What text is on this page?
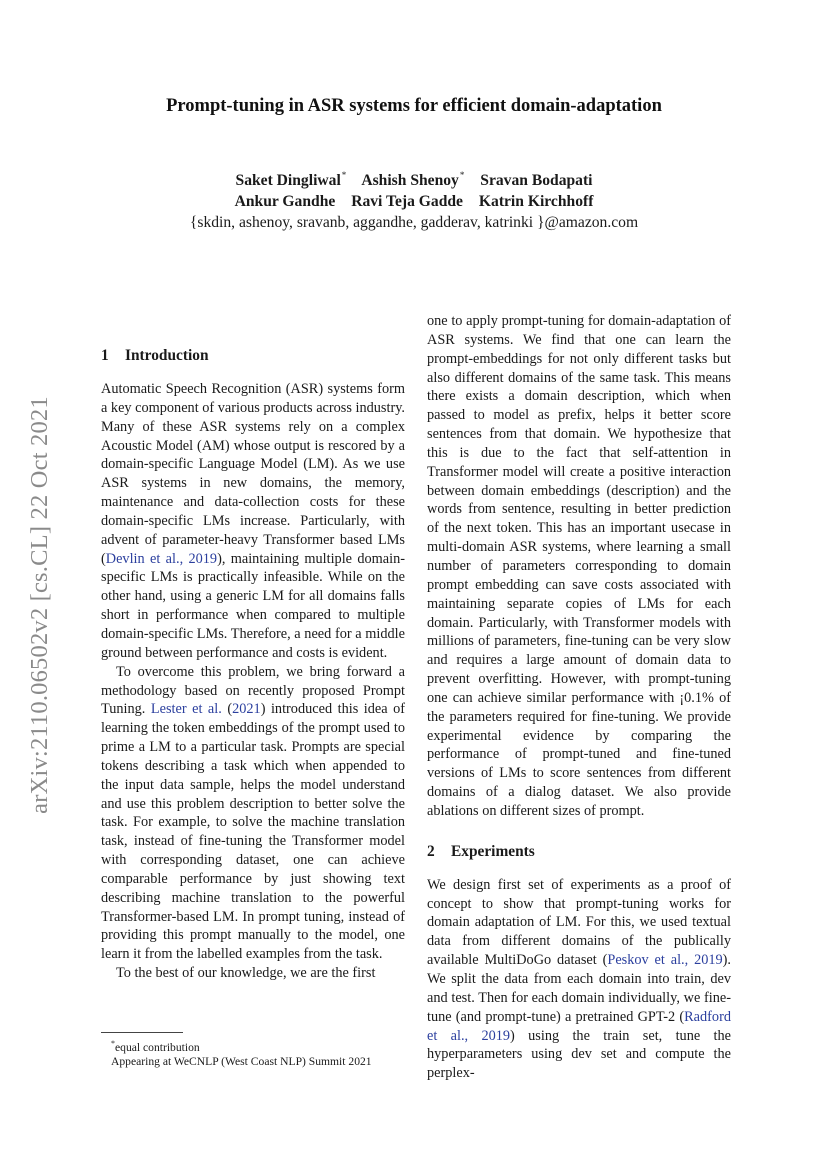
arXiv:2110.06502v2 [cs.CL] 22 Oct 2021
Prompt-tuning in ASR systems for efficient domain-adaptation
Saket Dingliwal* Ashish Shenoy* Sravan Bodapati
Ankur Gandhe Ravi Teja Gadde Katrin Kirchhoff
{skdin, ashenoy, sravanb, aggandhe, gadderav, katrinki }@amazon.com
1 Introduction

Automatic Speech Recognition (ASR) systems form a key component of various products across industry. Many of these ASR systems rely on a complex Acoustic Model (AM) whose output is rescored by a domain-specific Language Model (LM). As we use ASR systems in new domains, the memory, maintenance and data-collection costs for these domain-specific LMs increase. Particularly, with advent of parameter-heavy Transformer based LMs (Devlin et al., 2019), maintaining multiple domain-specific LMs is practically infeasible. While on the other hand, using a generic LM for all domains falls short in performance when compared to multiple domain-specific LMs. Therefore, a need for a middle ground between performance and costs is evident.

To overcome this problem, we bring forward a methodology based on recently proposed Prompt Tuning. Lester et al. (2021) introduced this idea of learning the token embeddings of the prompt used to prime a LM to a particular task. Prompts are special tokens describing a task which when appended to the input data sample, helps the model understand and use this problem description to better solve the task. For example, to solve the machine translation task, instead of fine-tuning the Transformer model with corresponding dataset, one can achieve comparable performance by just showing text describing machine translation to the powerful Transformer-based LM. In prompt tuning, instead of providing this prompt manually to the model, one learn it from the labelled examples from the task.

To the best of our knowledge, we are the first

one to apply prompt-tuning for domain-adaptation of ASR systems. We find that one can learn the prompt-embeddings for not only different tasks but also different domains of the same task. This means there exists a domain description, which when passed to model as prefix, helps it better score sentences from that domain. We hypothesize that this is due to the fact that self-attention in Transformer model will create a positive interaction between domain embeddings (description) and the words from sentence, resulting in better prediction of the next token. This has an important usecase in multi-domain ASR systems, where learning a small number of parameters corresponding to domain prompt embedding can save costs associated with maintaining separate copies of LMs for each domain. Particularly, with Transformer models with millions of parameters, fine-tuning can be very slow and requires a large amount of domain data to prevent overfitting. However, with prompt-tuning one can achieve similar performance with ¡0.1% of the parameters required for fine-tuning. We provide experimental evidence by comparing the performance of prompt-tuned and fine-tuned versions of LMs to score sentences from different domains of a dialog dataset. We also provide ablations on different sizes of prompt.

2 Experiments

We design first set of experiments as a proof of concept to show that prompt-tuning works for domain adaptation of LM. For this, we used textual data from different domains of the publically available MultiDoGo dataset (Peskov et al., 2019). We split the data from each domain into train, dev and test. Then for each domain individually, we fine-tune (and prompt-tune) a pretrained GPT-2 (Radford et al., 2019) using the train set, tune the hyperparameters using dev set and compute the perplex-

*equal contribution
Appearing at WeCNLP (West Coast NLP) Summit 2021
